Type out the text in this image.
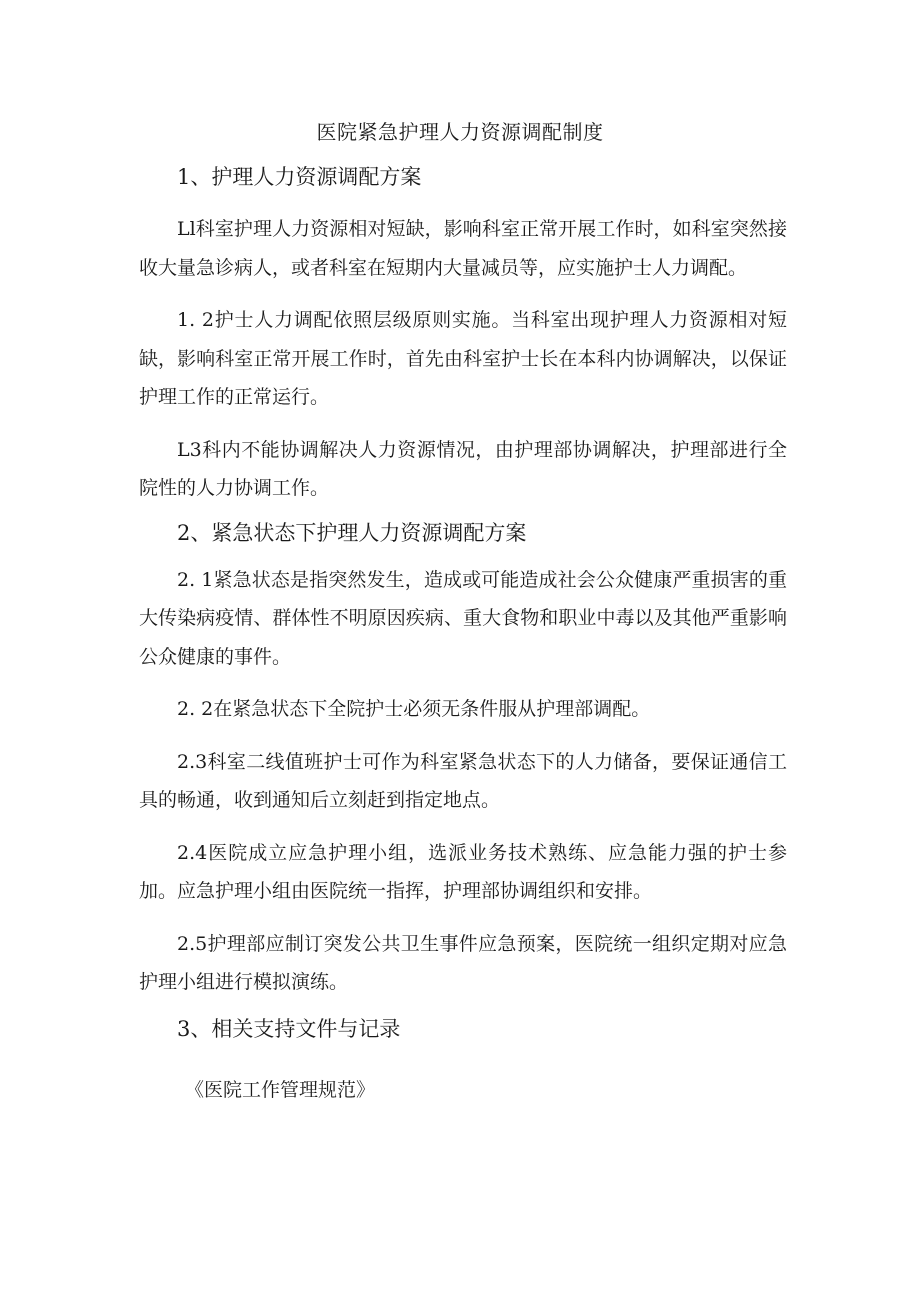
医院紧急护理人力资源调配制度
1、护理人力资源调配方案

Ll科室护理人力资源相对短缺，影响科室正常开展工作时，如科室突然接收大量急诊病人，或者科室在短期内大量减员等，应实施护士人力调配。

1. 2护士人力调配依照层级原则实施。当科室出现护理人力资源相对短缺，影响科室正常开展工作时，首先由科室护士长在本科内协调解决，以保证护理工作的正常运行。

L3科内不能协调解决人力资源情况，由护理部协调解决，护理部进行全院性的人力协调工作。

2、紧急状态下护理人力资源调配方案

2. 1紧急状态是指突然发生，造成或可能造成社会公众健康严重损害的重大传染病疫情、群体性不明原因疾病、重大食物和职业中毒以及其他严重影响公众健康的事件。

2. 2在紧急状态下全院护士必须无条件服从护理部调配。

2.3科室二线值班护士可作为科室紧急状态下的人力储备，要保证通信工具的畅通，收到通知后立刻赶到指定地点。

2.4医院成立应急护理小组，选派业务技术熟练、应急能力强的护士参加。应急护理小组由医院统一指挥，护理部协调组织和安排。

2.5护理部应制订突发公共卫生事件应急预案，医院统一组织定期对应急护理小组进行模拟演练。

3、相关支持文件与记录

《医院工作管理规范》
